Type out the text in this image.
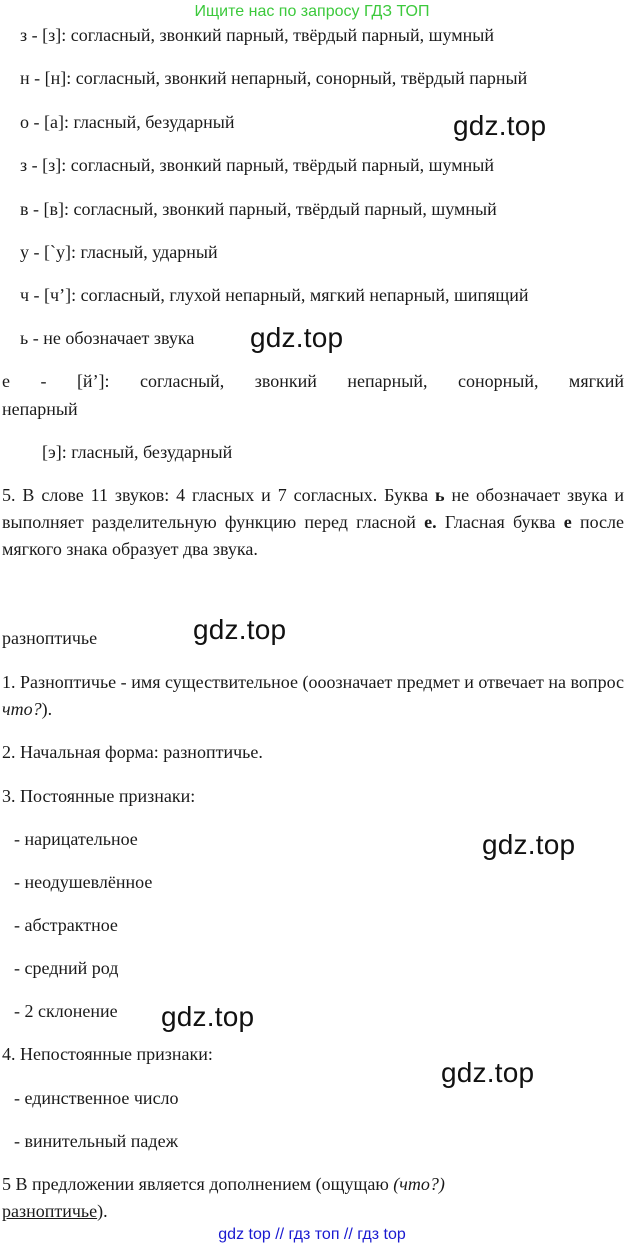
Ищите нас по запросу ГДЗ ТОП
з - [з]: согласный, звонкий парный, твёрдый парный, шумный
н - [н]: согласный, звонкий непарный, сонорный, твёрдый парный
о - [а]: гласный, безударный
з - [з]: согласный, звонкий парный, твёрдый парный, шумный
в - [в]: согласный, звонкий парный, твёрдый парный, шумный
у - [`у]: гласный, ударный
ч - [ч’]: согласный, глухой непарный, мягкий непарный, шипящий
ь - не обозначает звука
е - [й’]: согласный, звонкий непарный, сонорный, мягкий
непарный
[э]: гласный, безударный
5. В слове 11 звуков: 4 гласных и 7 согласных. Буква ь не обозначает звука и выполняет разделительную функцию перед гласной е. Гласная буква е после мягкого знака образует два звука.
разноптичье
1. Разноптичье - имя существительное (ооозначает предмет и отвечает на вопрос что?).
2. Начальная форма: разноптичье.
3. Постоянные признаки:
- нарицательное
- неодушевлённое
- абстрактное
- средний род
- 2 склонение
4. Непостоянные признаки:
- единственное число
- винительный падеж
5 В предложении является дополнением (ощущаю (что?)
разноптичье).
gdz.top
gdz.top
gdz.top
gdz.top
gdz.top
gdz.top
gdz top // гдз топ // гдз top
